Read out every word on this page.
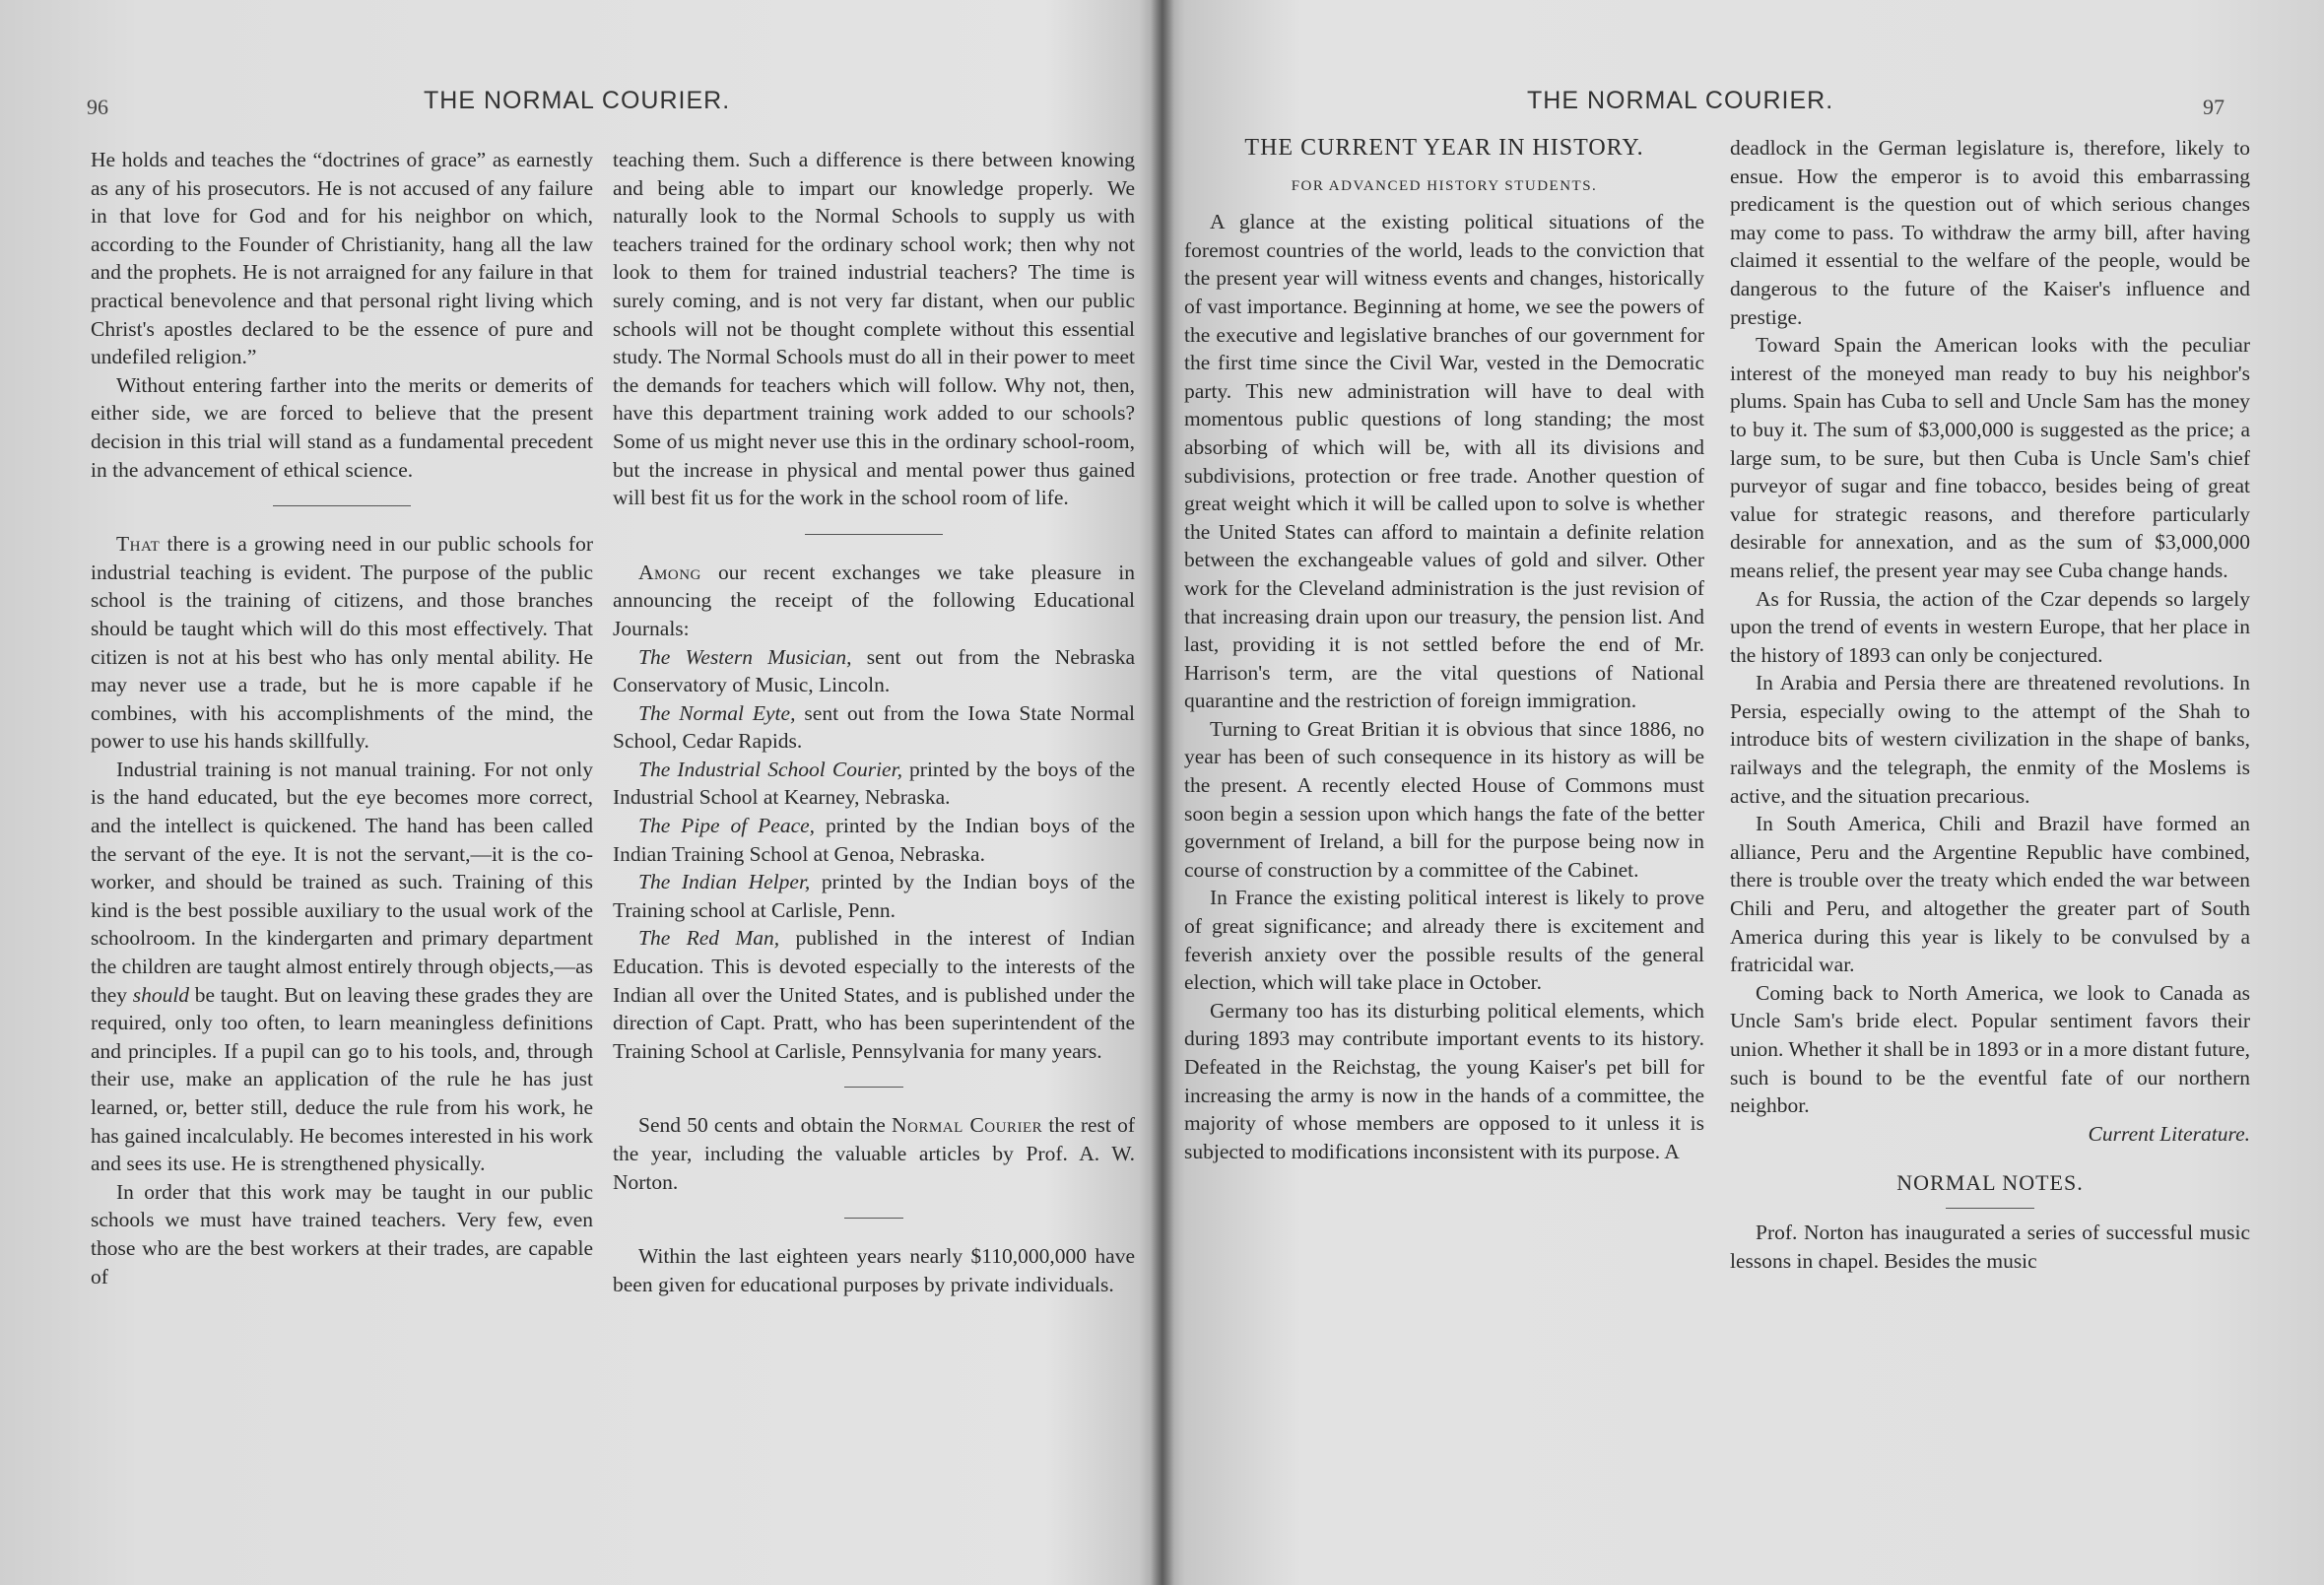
96	THE NORMAL COURIER.

He holds and teaches the “doctrines of grace” as earnestly as any of his prosecutors. He is not accused of any failure in that love for God and for his neighbor on which, according to the Founder of Christianity, hang all the law and the prophets. He is not arraigned for any failure in that practical benevolence and that personal right living which Christ's apostles declared to be the essence of pure and undefiled religion.”

Without entering farther into the merits or demerits of either side, we are forced to believe that the present decision in this trial will stand as a fundamental precedent in the advancement of ethical science.

That there is a growing need in our public schools for industrial teaching is evident. The purpose of the public school is the training of citizens, and those branches should be taught which will do this most effectively. That citizen is not at his best who has only mental ability. He may never use a trade, but he is more capable if he combines, with his accomplishments of the mind, the power to use his hands skillfully.

Industrial training is not manual training. For not only is the hand educated, but the eye becomes more correct, and the intellect is quickened. The hand has been called the servant of the eye. It is not the servant,—it is the co-worker, and should be trained as such. Training of this kind is the best possible auxiliary to the usual work of the schoolroom. In the kindergarten and primary department the children are taught almost entirely through objects,—as they should be taught. But on leaving these grades they are required, only too often, to learn meaningless definitions and principles. If a pupil can go to his tools, and, through their use, make an application of the rule he has just learned, or, better still, deduce the rule from his work, he has gained incalculably. He becomes interested in his work and sees its use. He is strengthened physically.

In order that this work may be taught in our public schools we must have trained teachers. Very few, even those who are the best workers at their trades, are capable of

teaching them. Such a difference is there between knowing and being able to impart our knowledge properly. We naturally look to the Normal Schools to supply us with teachers trained for the ordinary school work; then why not look to them for trained industrial teachers? The time is surely coming, and is not very far distant, when our public schools will not be thought complete without this essential study. The Normal Schools must do all in their power to meet the demands for teachers which will follow. Why not, then, have this department training work added to our schools? Some of us might never use this in the ordinary school-room, but the increase in physical and mental power thus gained will best fit us for the work in the school room of life.

Among our recent exchanges we take pleasure in announcing the receipt of the following Educational Journals:

The Western Musician, sent out from the Nebraska Conservatory of Music, Lincoln.

The Normal Eyte, sent out from the Iowa State Normal School, Cedar Rapids.

The Industrial School Courier, printed by the boys of the Industrial School at Kearney, Nebraska.

The Pipe of Peace, printed by the Indian boys of the Indian Training School at Genoa, Nebraska.

The Indian Helper, printed by the Indian boys of the Training school at Carlisle, Penn.

The Red Man, published in the interest of Indian Education. This is devoted especially to the interests of the Indian all over the United States, and is published under the direction of Capt. Pratt, who has been superintendent of the Training School at Carlisle, Pennsylvania for many years.

Send 50 cents and obtain the Normal Courier the rest of the year, including the valuable articles by Prof. A. W. Norton.

Within the last eighteen years nearly $110,000,000 have been given for educational purposes by private individuals.

THE NORMAL COURIER.	97
THE CURRENT YEAR IN HISTORY.
FOR ADVANCED HISTORY STUDENTS.

A glance at the existing political situations of the foremost countries of the world, leads to the conviction that the present year will witness events and changes, historically of vast importance. Beginning at home, we see the powers of the executive and legislative branches of our government for the first time since the Civil War, vested in the Democratic party. This new administration will have to deal with momentous public questions of long standing; the most absorbing of which will be, with all its divisions and subdivisions, protection or free trade. Another question of great weight which it will be called upon to solve is whether the United States can afford to maintain a definite relation between the exchangeable values of gold and silver. Other work for the Cleveland administration is the just revision of that increasing drain upon our treasury, the pension list. And last, providing it is not settled before the end of Mr. Harrison's term, are the vital questions of National quarantine and the restriction of foreign immigration.

Turning to Great Britian it is obvious that since 1886, no year has been of such consequence in its history as will be the present. A recently elected House of Commons must soon begin a session upon which hangs the fate of the better government of Ireland, a bill for the purpose being now in course of construction by a committee of the Cabinet.

In France the existing political interest is likely to prove of great significance; and already there is excitement and feverish anxiety over the possible results of the general election, which will take place in October.

Germany too has its disturbing political elements, which during 1893 may contribute important events to its history. Defeated in the Reichstag, the young Kaiser's pet bill for increasing the army is now in the hands of a committee, the majority of whose members are opposed to it unless it is subjected to modifications inconsistent with its purpose. A

deadlock in the German legislature is, therefore, likely to ensue. How the emperor is to avoid this embarrassing predicament is the question out of which serious changes may come to pass. To withdraw the army bill, after having claimed it essential to the welfare of the people, would be dangerous to the future of the Kaiser's influence and prestige.

Toward Spain the American looks with the peculiar interest of the moneyed man ready to buy his neighbor's plums. Spain has Cuba to sell and Uncle Sam has the money to buy it. The sum of $3,000,000 is suggested as the price; a large sum, to be sure, but then Cuba is Uncle Sam's chief purveyor of sugar and fine tobacco, besides being of great value for strategic reasons, and therefore particularly desirable for annexation, and as the sum of $3,000,000 means relief, the present year may see Cuba change hands.

As for Russia, the action of the Czar depends so largely upon the trend of events in western Europe, that her place in the history of 1893 can only be conjectured.

In Arabia and Persia there are threatened revolutions. In Persia, especially owing to the attempt of the Shah to introduce bits of western civilization in the shape of banks, railways and the telegraph, the enmity of the Moslems is active, and the situation precarious.

In South America, Chili and Brazil have formed an alliance, Peru and the Argentine Republic have combined, there is trouble over the treaty which ended the war between Chili and Peru, and altogether the greater part of South America during this year is likely to be convulsed by a fratricidal war.

Coming back to North America, we look to Canada as Uncle Sam's bride elect. Popular sentiment favors their union. Whether it shall be in 1893 or in a more distant future, such is bound to be the eventful fate of our northern neighbor.

Current Literature.
NORMAL NOTES.

Prof. Norton has inaugurated a series of successful music lessons in chapel. Besides the music
